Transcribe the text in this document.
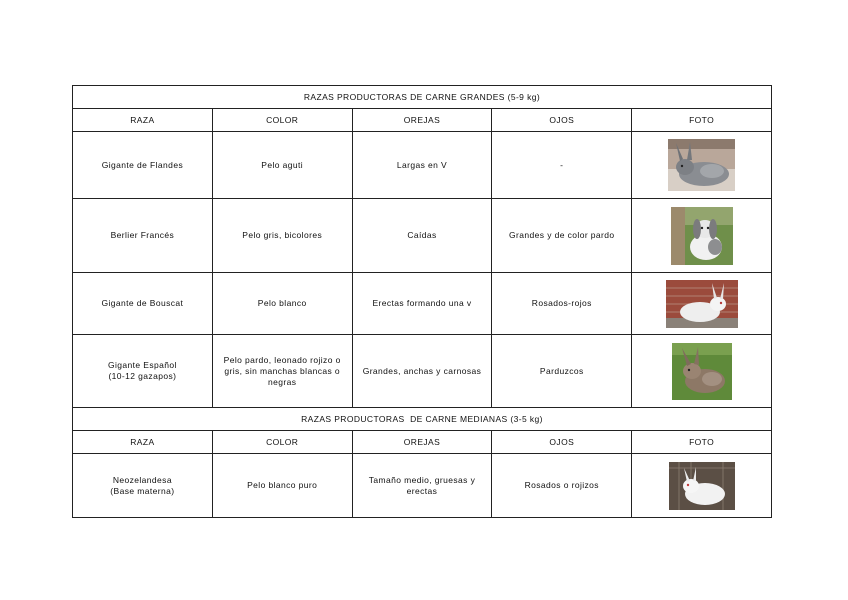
RAZAS PRODUCTORAS DE CARNE GRANDES (5-9 kg)				
RAZA	COLOR	OREJAS	OJOS	FOTO
Gigante de Flandes	Pelo aguti	Largas en V	-	

Berlier Francés	Pelo gris, bicolores	Caídas	Grandes y de color pardo	

Gigante de Bouscat	Pelo blanco	Erectas formando una v	Rosados-rojos	

Gigante Español
(10-12 gazapos)	Pelo pardo, leonado rojizo o
gris, sin manchas blancas o
negras	Grandes, anchas y carnosas	Parduzcos	

RAZAS PRODUCTORAS  DE CARNE MEDIANAS (3-5 kg)				
RAZA	COLOR	OREJAS	OJOS	FOTO
Neozelandesa
(Base materna)	Pelo blanco puro	Tamaño medio, gruesas y
erectas	Rosados o rojizos	
